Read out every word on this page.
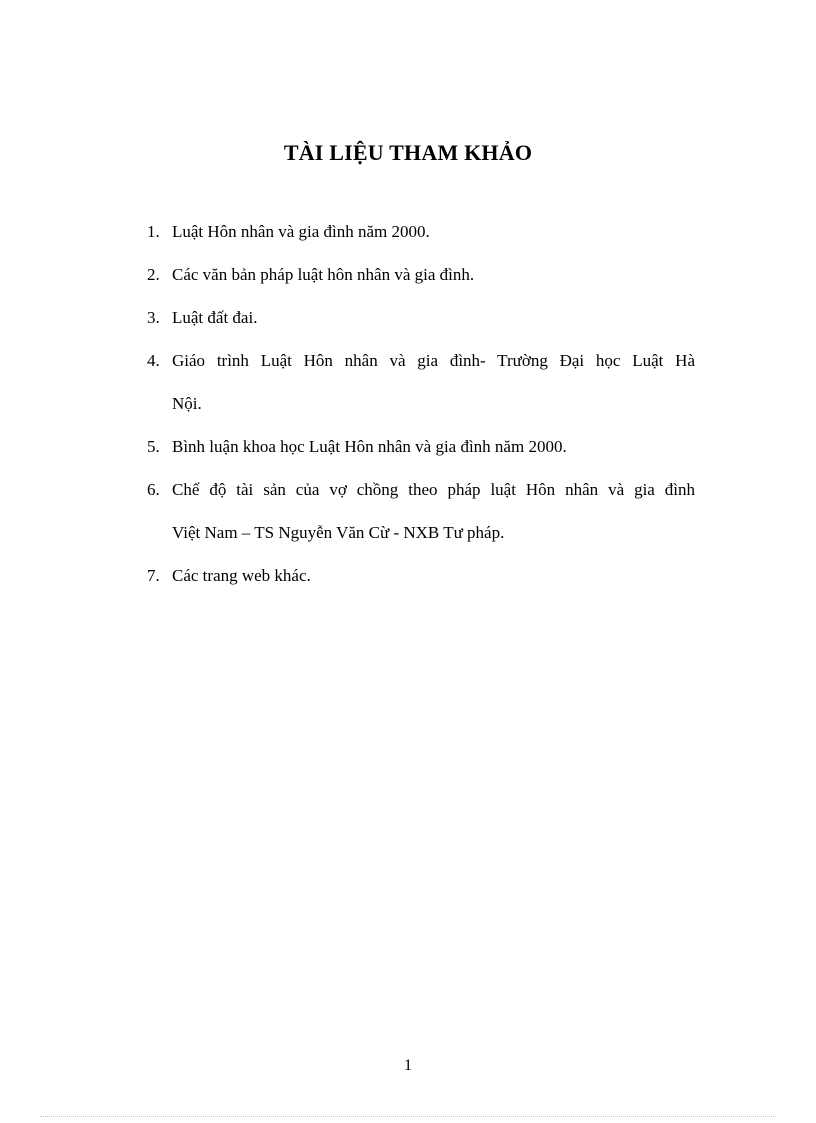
TÀI LIỆU THAM KHẢO
1. Luật Hôn nhân và gia đình năm 2000.
2. Các văn bản pháp luật hôn nhân và gia đình.
3. Luật đất đai.
4. Giáo trình Luật Hôn nhân và gia đình- Trường Đại học Luật Hà
Nội.
5. Bình luận khoa học Luật Hôn nhân và gia đình năm 2000.
6. Chế độ tài sản của vợ chồng theo pháp luật Hôn nhân và gia đình
Việt Nam – TS Nguyễn Văn Cừ - NXB Tư pháp.
7. Các trang web khác.
1
